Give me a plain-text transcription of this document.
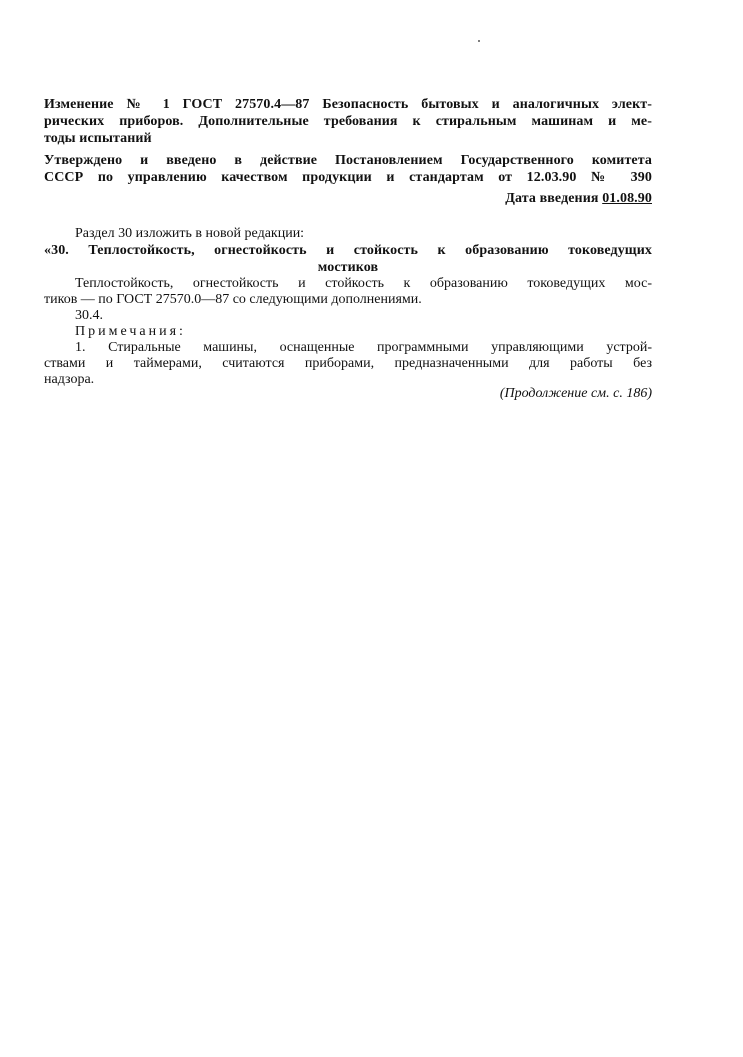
Изменение № 1 ГОСТ 27570.4—87 Безопасность бытовых и аналогичных элект-
рических приборов. Дополнительные требования к стиральным машинам и ме-
тоды испытаний
Утверждено и введено в действие Постановлением Государственного комитета
СССР по управлению качеством продукции и стандартам от 12.03.90 № 390
Дата введения 01.08.90
Раздел 30 изложить в новой редакции:
«30. Теплостойкость, огнестойкость и стойкость к образованию токоведущих
мостиков
Теплостойкость, огнестойкость и стойкость к образованию токоведущих мос-
тиков — по ГОСТ 27570.0—87 со следующими дополнениями.
30.4.
Примечания:
1. Стиральные машины, оснащенные программными управляющими устрой-
ствами и таймерами, считаются приборами, предназначенными для работы без
надзора.
(Продолжение см. с. 186)
